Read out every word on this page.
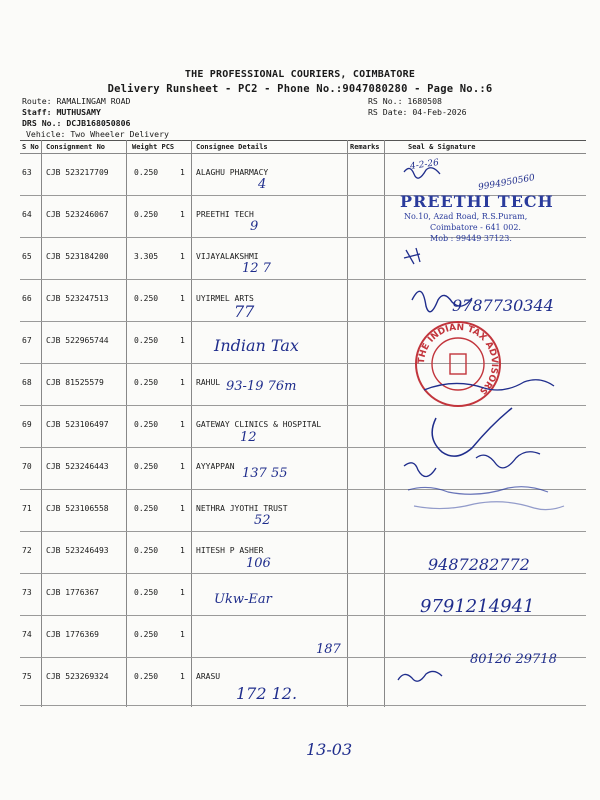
THE PROFESSIONAL COURIERS, COIMBATORE
Delivery Runsheet - PC2 - Phone No.:9047080280 - Page No.:6
Route: RAMALINGAM ROAD
Staff: MUTHUSAMY
DRS No.: DCJB168050806
Vehicle: Two Wheeler Delivery
RS No.: 1680508
RS Date: 04-Feb-2026
S No Consignment No	Weight PCS	Consignee Details	Remarks	Seal & Signature
63 CJB 523217709	0.250	1 ALAGHU PHARMACY
64 CJB 523246067	0.250	1 PREETHI TECH
65 CJB 523184200	3.305	1 VIJAYALAKSHMI
66 CJB 523247513	0.250	1 UYIRMEL ARTS
67 CJB 522965744	0.250	1
68 CJB 81525579	0.250	1 RAHUL
69 CJB 523106497	0.250	1 GATEWAY CLINICS & HOSPITAL
70 CJB 523246443	0.250	1 AYYAPPAN
71 CJB 523106558	0.250	1 NETHRA JYOTHI TRUST
72 CJB 523246493	0.250	1 HITESH P ASHER
73 CJB 1776367	0.250	1
74 CJB 1776369	0.250	1
75 CJB 523269324	0.250	1 ARASU
4
9
12 7
77
Indian Tax
93-19 76m
12
137 55
52
106
Ukw-Ear
187
172 12.
13-03
4-2-26
9994950560
9787730344
9487282772
9791214941
80126 29718
PREETHI TECH
No.10, Azad Road, R.S.Puram,
Coimbatore - 641 002.
Mob : 99449 37123.
THE INDIAN TAX ADVISORS
